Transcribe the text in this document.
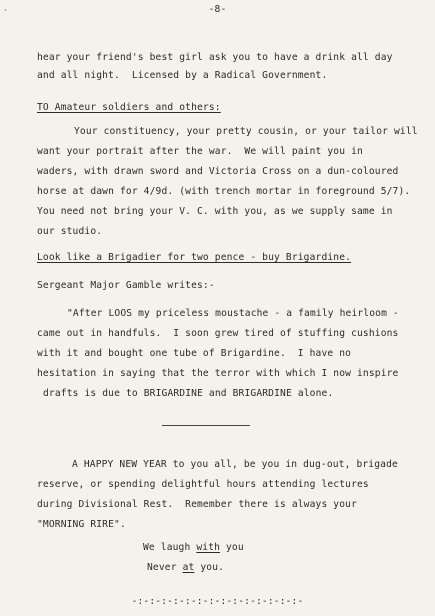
ˋ	-8-
hear your friend's best girl ask you to have a drink all day
and all night.  Licensed by a Radical Government.
TO Amateur soldiers and others:
Your constituency, your pretty cousin, or your tailor will
want your portrait after the war.  We will paint you in
waders, with drawn sword and Victoria Cross on a dun-coloured
horse at dawn for 4/9d. (with trench mortar in foreground 5/7).
You need not bring your V. C. with you, as we supply same in
our studio.
Look like a Brigadier for two pence - buy Brigardine.
Sergeant Major Gamble writes:-
"After LOOS my priceless moustache - a family heirloom -
came out in handfuls.  I soon grew tired of stuffing cushions
with it and bought one tube of Brigardine.  I have no
hesitation in saying that the terror with which I now inspire
drafts is due to BRIGARDINE and BRIGARDINE alone.
A HAPPY NEW YEAR to you all, be you in dug-out, brigade
reserve, or spending delightful hours attending lectures
during Divisional Rest.  Remember there is always your
"MORNING RIRE".
We laugh with you
Never at you.
-:-:-:-:-:-:-:-:-:-:-:-:-:-:-
